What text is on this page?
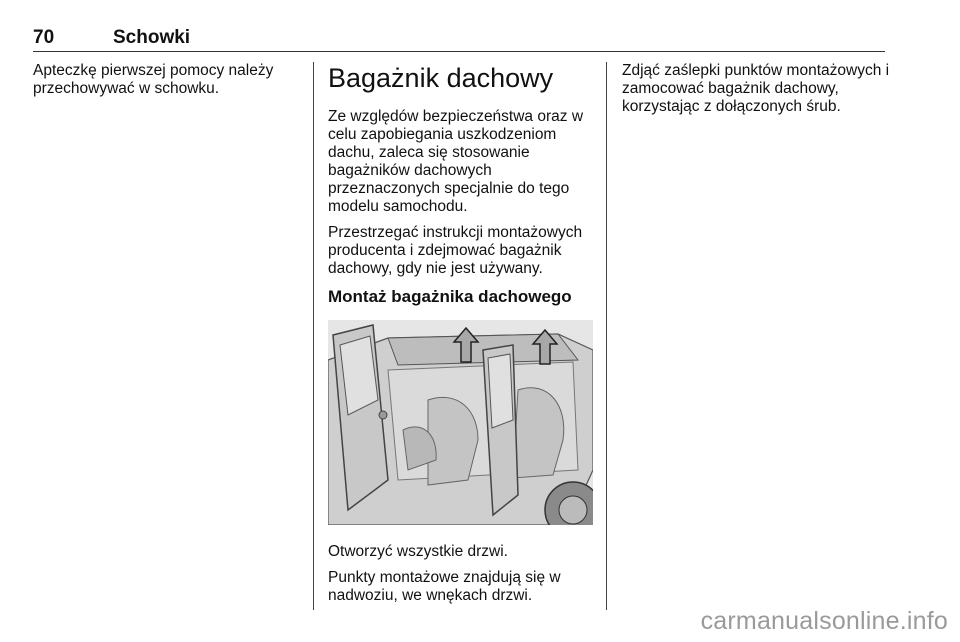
70	Schowki

Apteczkę pierwszej pomocy należy przechowywać w schowku.	Bagażnik dachowy

Ze względów bezpieczeństwa oraz w celu zapobiegania uszkodzeniom dachu, zaleca się stosowanie bagażników dachowych przeznaczonych specjalnie do tego modelu samochodu.

Przestrzegać instrukcji montażowych producenta i zdejmować bagażnik dachowy, gdy nie jest używany.

Montaż bagażnika dachowego

Otworzyć wszystkie drzwi.

Punkty montażowe znajdują się w nadwoziu, we wnękach drzwi.

Zdjąć zaślepki punktów montażowych i zamocować bagażnik dachowy, korzystając z dołączonych śrub.

carmanualsonline.info
